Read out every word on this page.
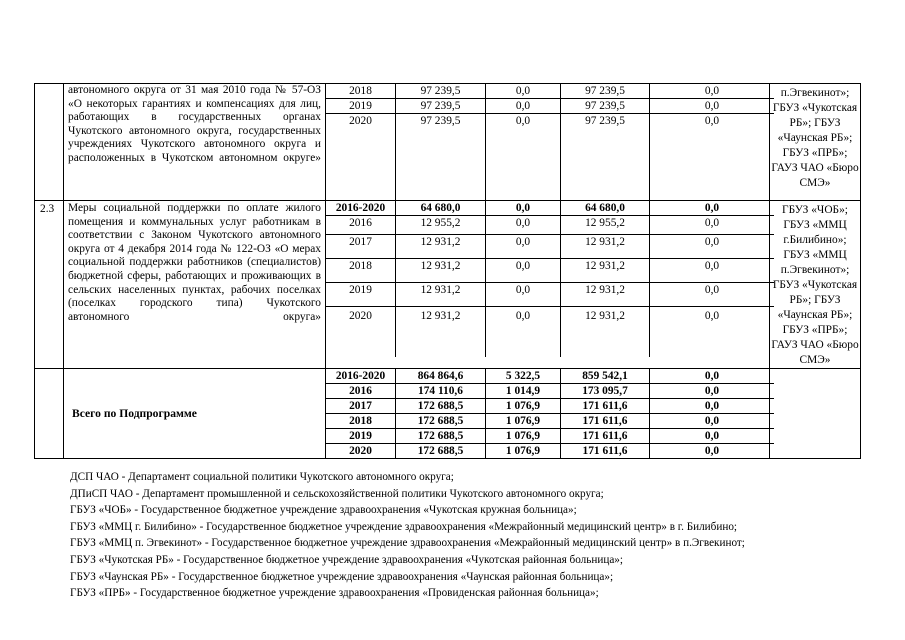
автономного округа от 31 мая 2010 года № 57-ОЗ «О некоторых гарантиях и компенсациях для лиц, работающих в государственных органах Чукотского автономного округа, государственных учреждениях Чукотского автономного округа и расположенных в Чукотском автономном округе»

2018	97 239,5	0,0	97 239,5	0,0
2019	97 239,5	0,0	97 239,5	0,0
2020	97 239,5	0,0	97 239,5	0,0
	п.Эгвекинот»; ГБУЗ «Чукотская РБ»; ГБУЗ «Чаунская РБ»; ГБУЗ «ПРБ»; ГАУЗ ЧАО «Бюро СМЭ»
2.3	Меры социальной поддержки по оплате жилого помещения и коммунальных услуг работникам в соответствии с Законом Чукотского автономного округа от 4 декабря 2014 года № 122-ОЗ «О мерах социальной поддержки работников (специалистов) бюджетной сферы, работающих и проживающих в сельских населенных пунктах, рабочих поселках (поселках городского типа) Чукотского автономного округа»

2016-2020	64 680,0	0,0	64 680,0	0,0
2016	12 955,2	0,0	12 955,2	0,0
2017	12 931,2	0,0	12 931,2	0,0
2018	12 931,2	0,0	12 931,2	0,0
2019	12 931,2	0,0	12 931,2	0,0
2020	12 931,2	0,0	12 931,2	0,0
	ГБУЗ «ЧОБ»; ГБУЗ «ММЦ г.Билибино»; ГБУЗ «ММЦ п.Эгвекинот»; ГБУЗ «Чукотская РБ»; ГБУЗ «Чаунская РБ»; ГБУЗ «ПРБ»; ГАУЗ ЧАО «Бюро СМЭ»
	Всего по Подпрограмме	
2016-2020	864 864,6	5 322,5	859 542,1	0,0
2016	174 110,6	1 014,9	173 095,7	0,0
2017	172 688,5	1 076,9	171 611,6	0,0
2018	172 688,5	1 076,9	171 611,6	0,0
2019	172 688,5	1 076,9	171 611,6	0,0
2020	172 688,5	1 076,9	171 611,6	0,0

ДСП ЧАО - Департамент социальной политики Чукотского автономного округа;
ДПиСП ЧАО - Департамент промышленной и сельскохозяйственной политики Чукотского автономного округа;
ГБУЗ «ЧОБ» - Государственное бюджетное учреждение здравоохранения «Чукотская кружная больница»;
ГБУЗ «ММЦ г. Билибино» - Государственное бюджетное учреждение здравоохранения «Межрайонный медицинский центр» в г. Билибино;
ГБУЗ «ММЦ п. Эгвекинот» - Государственное бюджетное учреждение здравоохранения «Межрайонный медицинский центр» в п.Эгвекинот;
ГБУЗ «Чукотская РБ» - Государственное бюджетное учреждение здравоохранения «Чукотская районная больница»;
ГБУЗ «Чаунская РБ» - Государственное бюджетное учреждение здравоохранения «Чаунская районная больница»;
ГБУЗ «ПРБ» - Государственное бюджетное учреждение здравоохранения «Провиденская районная больница»;
